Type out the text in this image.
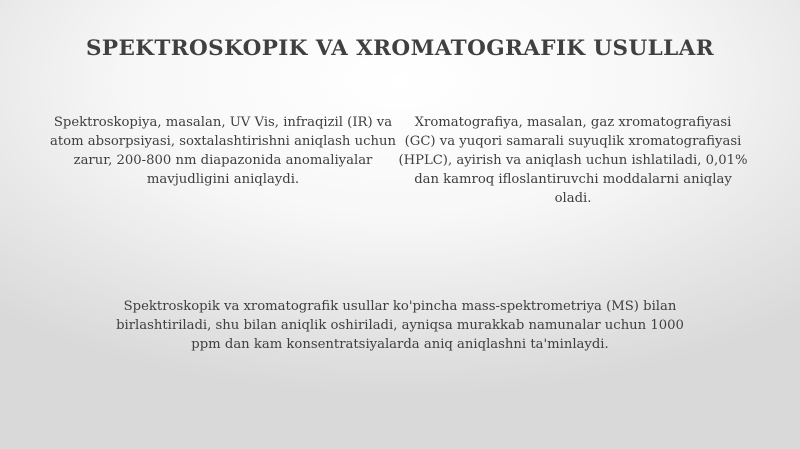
SPEKTROSKOPIK VA XROMATOGRAFIK USULLAR

Spektroskopiya, masalan, UV Vis, infraqizil (IR) va atom absorpsiyasi, soxtalashtirishni aniqlash uchun zarur, 200-800 nm diapazonida anomaliyalar mavjudligini aniqlaydi.

Xromatografiya, masalan, gaz xromatografiyasi (GC) va yuqori samarali suyuqlik xromatografiyasi (HPLC), ayirish va aniqlash uchun ishlatiladi, 0,01% dan kamroq ifloslantiruvchi moddalarni aniqlay oladi.

Spektroskopik va xromatografik usullar ko'pincha mass-spektrometriya (MS) bilan birlashtiriladi, shu bilan aniqlik oshiriladi, ayniqsa murakkab namunalar uchun 1000 ppm dan kam konsentratsiyalarda aniq aniqlashni ta'minlaydi.
